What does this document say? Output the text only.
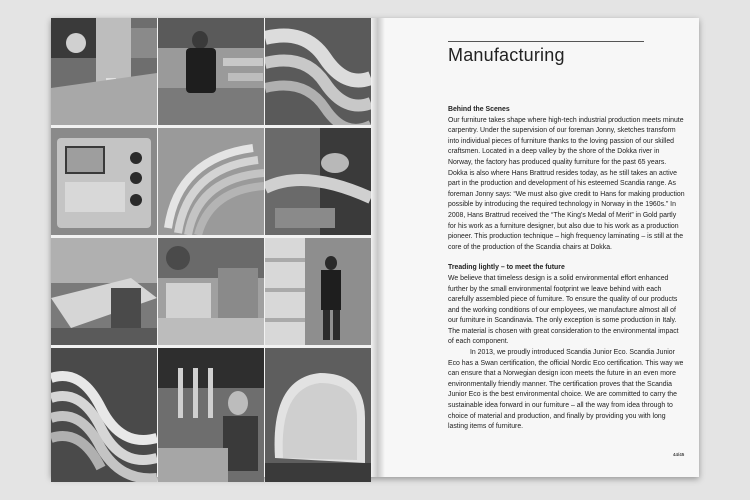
Manufacturing
Behind the Scenes

Our furniture takes shape where high-tech industrial production meets minute carpentry. Under the supervision of our foreman Jonny, sketches transform into individual pieces of furniture thanks to the loving passion of our skilled craftsmen. Located in a deep valley by the shore of the Dokka river in Norway, the factory has produced quality furniture for the past 65 years. Dokka is also where Hans Brattrud resides today, as he still takes an active part in the production and development of his esteemed Scandia range. As foreman Jonny says: “We must also give credit to Hans for making production possible by introducing the required technology in Norway in the 1960s.” In 2008, Hans Brattrud received the “The King’s Medal of Merit” in Gold partly for his work as a furniture designer, but also due to his work as a production pioneer. This production technique – high frequency laminating – is still at the core of the production of the Scandia chairs at Dokka.

Treading lightly – to meet the future

We believe that timeless design is a solid environmental effort enhanced further by the small environmental footprint we leave behind with each carefully assembled piece of furniture. To ensure the quality of our products and the working conditions of our employees, we manufacture almost all of our furniture in Scandinavia. The only exception is some production in Italy. The material is chosen with great consideration to the environmental impact of each component.

In 2013, we proudly introduced Scandia Junior Eco. Scandia Junior Eco has a Swan certification, the official Nordic Eco certification. This way we can ensure that a Norwegian design icon meets the future in an even more environmentally friendly manner. The certification proves that the Scandia Junior Eco is the best environmental choice. We are committed to carry the sustainable idea forward in our furniture – all the way from idea through to choice of material and production, and finally by providing you with long lasting items of furniture.

44/45
